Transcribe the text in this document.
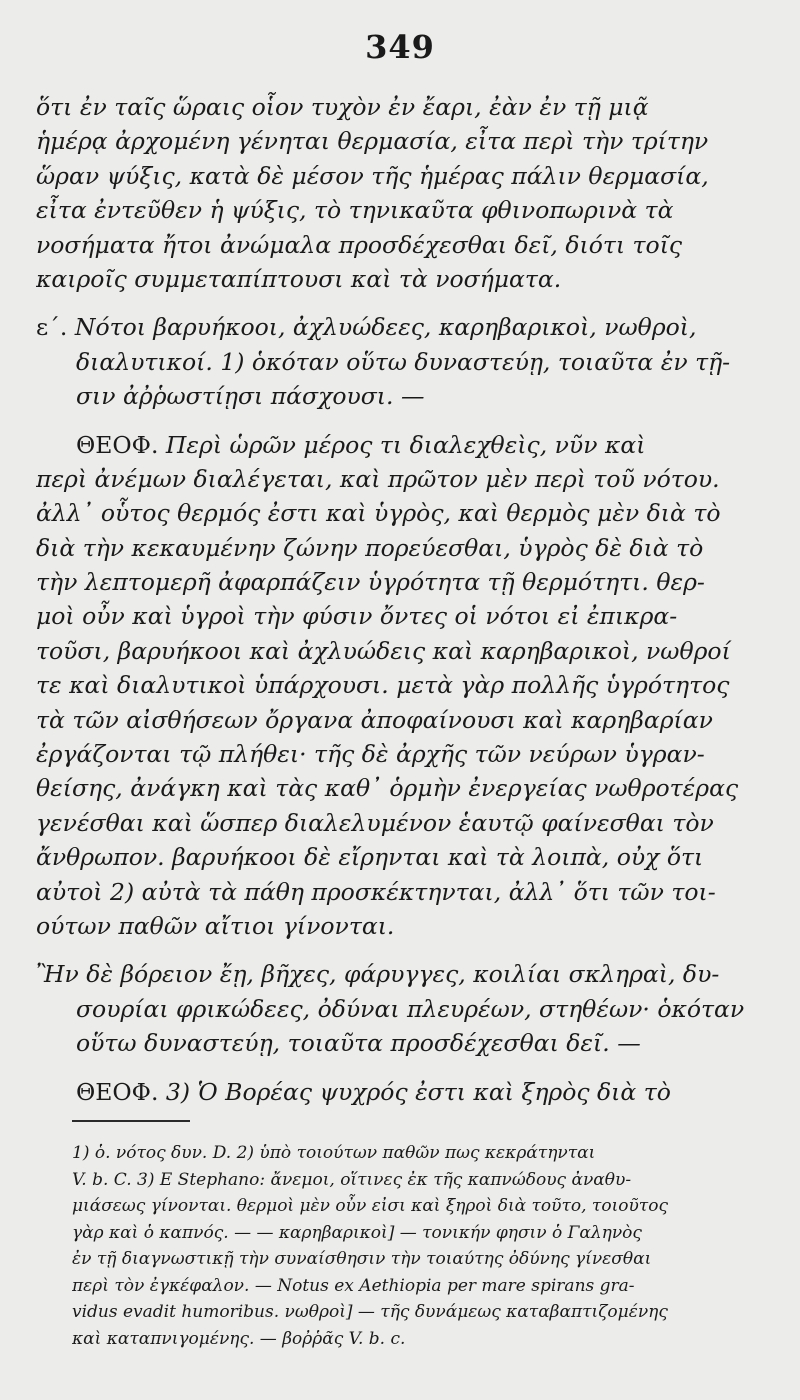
349
ὅτι ἐν ταῖς ὥραις οἷον τυχὸν ἐν ἔαρι, ἐὰν ἐν τῇ μιᾷ
ἡμέρᾳ ἀρχομένη γένηται θερμασία, εἶτα περὶ τὴν τρίτην
ὥραν ψύξις, κατὰ δὲ μέσον τῆς ἡμέρας πάλιν θερμασία,
εἶτα ἐντεῦθεν ἡ ψύξις, τὸ τηνικαῦτα φθινοπωρινὰ τὰ
νοσήματα ἤτοι ἀνώμαλα προσδέχεσθαι δεῖ, διότι τοῖς
καιροῖς συμμεταπίπτουσι καὶ τὰ νοσήματα.
ε΄. Νότοι βαρυήκοοι, ἀχλυώδεες, καρηβαρικοὶ, νωθροὶ,
διαλυτικοί. 1) ὁκόταν οὕτω δυναστεύῃ, τοιαῦτα ἐν τῇ-
σιν ἀῤῥωστίῃσι πάσχουσι. —
ΘΕΟΦ. Περὶ ὡρῶν μέρος τι διαλεχθεὶς, νῦν καὶ
περὶ ἀνέμων διαλέγεται, καὶ πρῶτον μὲν περὶ τοῦ νότου.
ἀλλ᾽ οὗτος θερμός ἐστι καὶ ὑγρὸς, καὶ θερμὸς μὲν διὰ τὸ
διὰ τὴν κεκαυμένην ζώνην πορεύεσθαι, ὑγρὸς δὲ διὰ τὸ
τὴν λεπτομερῆ ἀφαρπάζειν ὑγρότητα τῇ θερμότητι. θερ-
μοὶ οὖν καὶ ὑγροὶ τὴν φύσιν ὄντες οἱ νότοι εἰ ἐπικρα-
τοῦσι, βαρυήκοοι καὶ ἀχλυώδεις καὶ καρηβαρικοὶ, νωθροί
τε καὶ διαλυτικοὶ ὑπάρχουσι. μετὰ γὰρ πολλῆς ὑγρότητος
τὰ τῶν αἰσθήσεων ὄργανα ἀποφαίνουσι καὶ καρηβαρίαν
ἐργάζονται τῷ πλήθει· τῆς δὲ ἀρχῆς τῶν νεύρων ὑγραν-
θείσης, ἀνάγκη καὶ τὰς καθ᾽ ὁρμὴν ἐνεργείας νωθροτέρας
γενέσθαι καὶ ὥσπερ διαλελυμένον ἑαυτῷ φαίνεσθαι τὸν
ἄνθρωπον. βαρυήκοοι δὲ εἴρηνται καὶ τὰ λοιπὰ, οὐχ ὅτι
αὐτοὶ 2) αὐτὰ τὰ πάθη προσκέκτηνται, ἀλλ᾽ ὅτι τῶν τοι-
ούτων παθῶν αἴτιοι γίνονται.
Ἢν δὲ βόρειον ἔῃ, βῆχες, φάρυγγες, κοιλίαι σκληραὶ, δυ-
σουρίαι φρικώδεες, ὀδύναι πλευρέων, στηθέων· ὁκόταν
οὕτω δυναστεύῃ, τοιαῦτα προσδέχεσθαι δεῖ. —
ΘΕΟΦ. 3) Ὁ Βορέας ψυχρός ἐστι καὶ ξηρὸς διὰ τὸ
1) ὁ. νότος δυν. D. 2) ὑπὸ τοιούτων παθῶν πως κεκράτηνται
V. b. C. 3) E Stephano: ἄνεμοι, οἵτινες ἐκ τῆς καπνώδους ἀναθυ-
μιάσεως γίνονται. θερμοὶ μὲν οὖν εἰσι καὶ ξηροὶ διὰ τοῦτο, τοιοῦτος
γὰρ καὶ ὁ καπνός. — — καρηβαρικοὶ] — τονικήν φησιν ὁ Γαληνὸς
ἐν τῇ διαγνωστικῇ τὴν συναίσθησιν τὴν τοιαύτης ὀδύνης γίνεσθαι
περὶ τὸν ἐγκέφαλον. — Notus ex Aethiopia per mare spirans gra-
vidus evadit humoribus. νωθροὶ] — τῆς δυνάμεως καταβαπτιζομένης
καὶ καταπνιγομένης. — βοῤῥᾶς V. b. c.
